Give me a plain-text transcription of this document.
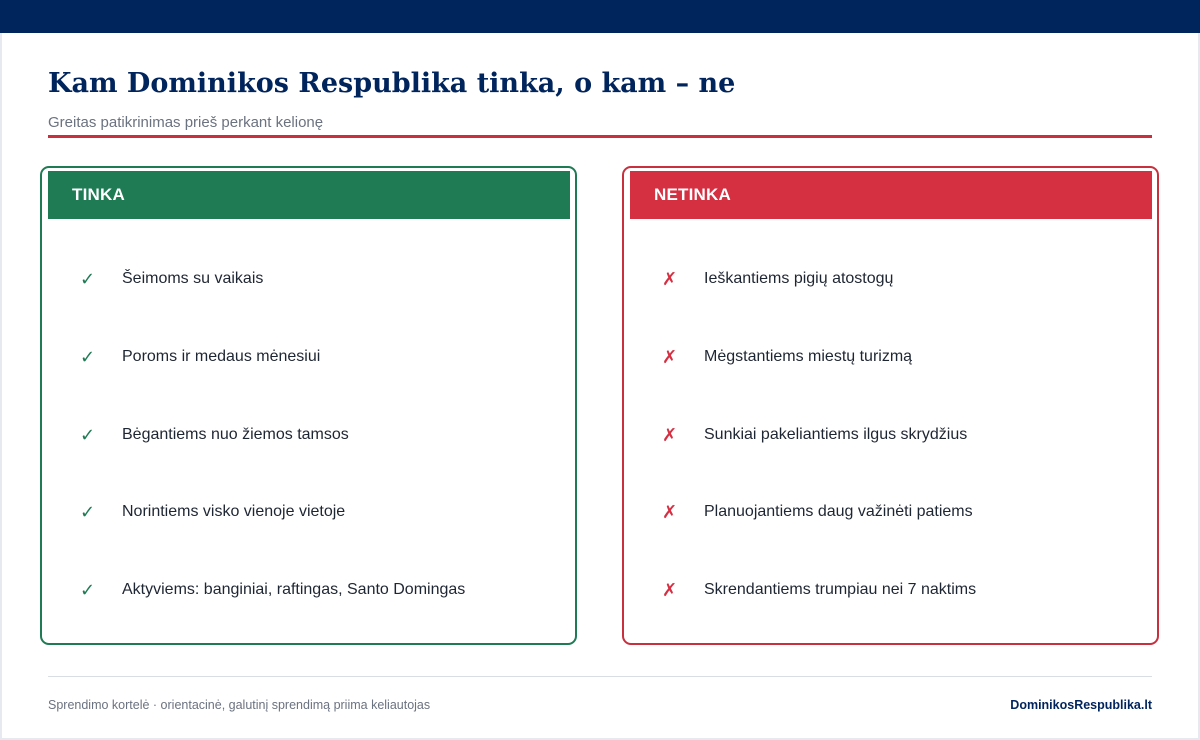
Kam Dominikos Respublika tinka, o kam – ne
Greitas patikrinimas prieš perkant kelionę
TINKA
✓	Šeimoms su vaikais
✓	Poroms ir medaus mėnesiui
✓	Bėgantiems nuo žiemos tamsos
✓	Norintiems visko vienoje vietoje
✓	Aktyviems: banginiai, raftingas, Santo Domingas
NETINKA
✗	Ieškantiems pigių atostogų
✗	Mėgstantiems miestų turizmą
✗	Sunkiai pakeliantiems ilgus skrydžius
✗	Planuojantiems daug važinėti patiems
✗	Skrendantiems trumpiau nei 7 naktims
Sprendimo kortelė · orientacinė, galutinį sprendimą priima keliautojas	DominikosRespublika.lt
